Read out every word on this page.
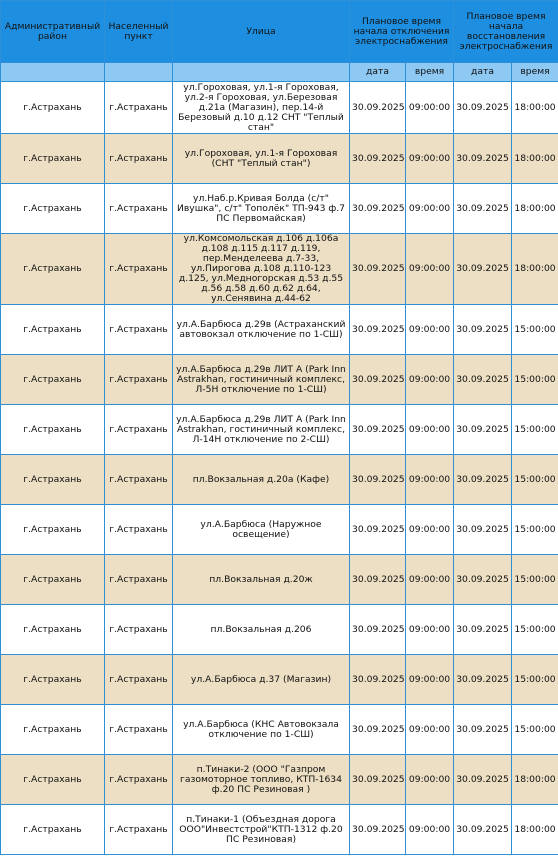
Административный район	Населенный пункт	Улица	Плановое время начала отключения электроснабжения		Плановое время начала восстановления электроснабжения	
			дата	время	дата	время
г.Астрахань	г.Астрахань	ул.Гороховая, ул.1-я Гороховая, ул.2-я Гороховая, ул.Березовая д.21а (Магазин), пер.14-й Березовый д.10 д.12 СНТ "Теплый стан"	30.09.2025	09:00:00	30.09.2025	18:00:00
г.Астрахань	г.Астрахань	ул.Гороховая, ул.1-я Гороховая (СНТ "Теплый стан")	30.09.2025	09:00:00	30.09.2025	18:00:00
г.Астрахань	г.Астрахань	ул.Наб.р.Кривая Болда (с/т" Ивушка", с/т" Тополёк" ТП-943 ф.7 ПС Первомайская)	30.09.2025	09:00:00	30.09.2025	18:00:00
г.Астрахань	г.Астрахань	ул.Комсомольская д.106 д.106а д.108 д.115 д.117 д.119, пер.Менделеева д.7-33, ул.Пирогова д.108 д.110-123 д.125, ул.Медногорская д.53 д.55 д.56 д.58 д.60 д.62 д.64, ул.Сенявина д.44-62	30.09.2025	09:00:00	30.09.2025	18:00:00
г.Астрахань	г.Астрахань	ул.А.Барбюса д.29в (Астраханский автовокзал отключение по 1-СШ)	30.09.2025	09:00:00	30.09.2025	15:00:00
г.Астрахань	г.Астрахань	ул.А.Барбюса д.29в ЛИТ А (Park Inn Astrakhan, гостиничный комплекс, Л-5Н отключение по 1-СШ)	30.09.2025	09:00:00	30.09.2025	15:00:00
г.Астрахань	г.Астрахань	ул.А.Барбюса д.29в ЛИТ А (Park Inn Astrakhan, гостиничный комплекс, Л-14Н отключение по 2-СШ)	30.09.2025	09:00:00	30.09.2025	15:00:00
г.Астрахань	г.Астрахань	пл.Вокзальная д.20а (Кафе)	30.09.2025	09:00:00	30.09.2025	15:00:00
г.Астрахань	г.Астрахань	ул.А.Барбюса (Наружное освещение)	30.09.2025	09:00:00	30.09.2025	15:00:00
г.Астрахань	г.Астрахань	пл.Вокзальная д.20ж	30.09.2025	09:00:00	30.09.2025	15:00:00
г.Астрахань	г.Астрахань	пл.Вокзальная д.206	30.09.2025	09:00:00	30.09.2025	15:00:00
г.Астрахань	г.Астрахань	ул.А.Барбюса д.37 (Магазин)	30.09.2025	09:00:00	30.09.2025	15:00:00
г.Астрахань	г.Астрахань	ул.А.Барбюса (КНС Автовокзала отключение по 1-СШ)	30.09.2025	09:00:00	30.09.2025	15:00:00
г.Астрахань	г.Астрахань	п.Тинаки-2 (ООО "Газпром газомоторное топливо, КТП-1634 ф.20 ПС Резиновая )	30.09.2025	09:00:00	30.09.2025	18:00:00
г.Астрахань	г.Астрахань	п.Тинаки-1 (Объездная дорога ООО"Инвестстрой"КТП-1312 ф.20 ПС Резиновая)	30.09.2025	09:00:00	30.09.2025	18:00:00
